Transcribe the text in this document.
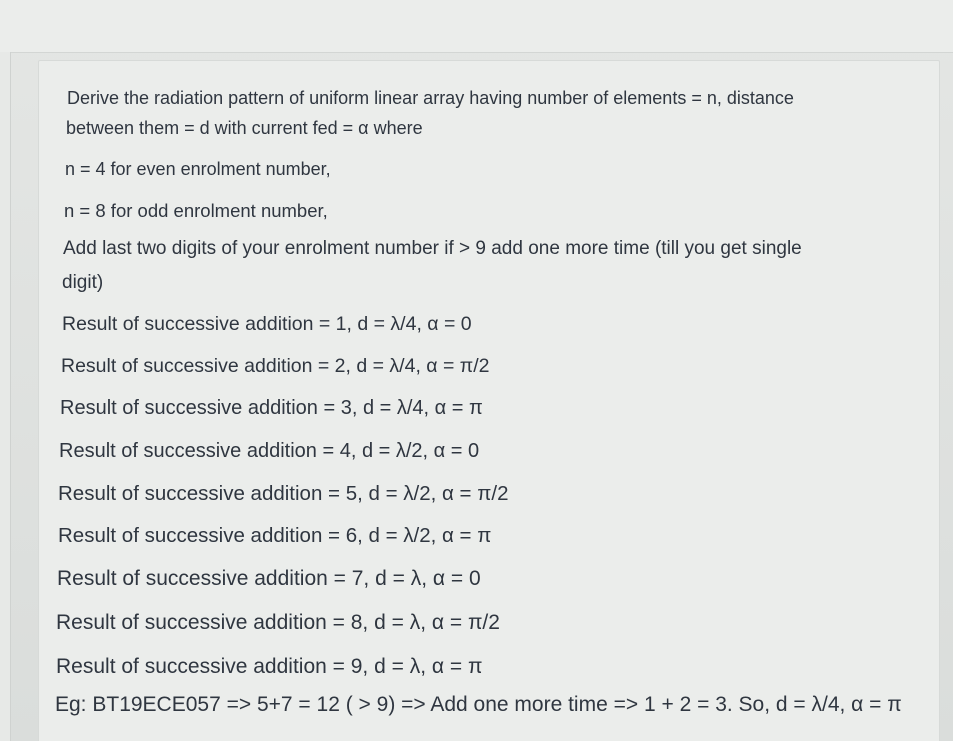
Derive the radiation pattern of uniform linear array having number of elements = n, distance

between them = d with current fed = α where

n = 4 for even enrolment number,

n = 8 for odd enrolment number,

Add last two digits of your enrolment number if > 9 add one more time (till you get single

digit)

Result of successive addition = 1, d = λ/4, α = 0

Result of successive addition = 2, d = λ/4, α = π/2

Result of successive addition = 3, d = λ/4, α = π

Result of successive addition = 4, d = λ/2, α = 0

Result of successive addition = 5, d = λ/2, α = π/2

Result of successive addition = 6, d = λ/2, α = π

Result of successive addition = 7, d = λ, α = 0

Result of successive addition = 8, d = λ, α = π/2

Result of successive addition = 9, d = λ, α = π

Eg: BT19ECE057 => 5+7 = 12 ( > 9) => Add one more time => 1 + 2 = 3. So, d = λ/4, α = π
